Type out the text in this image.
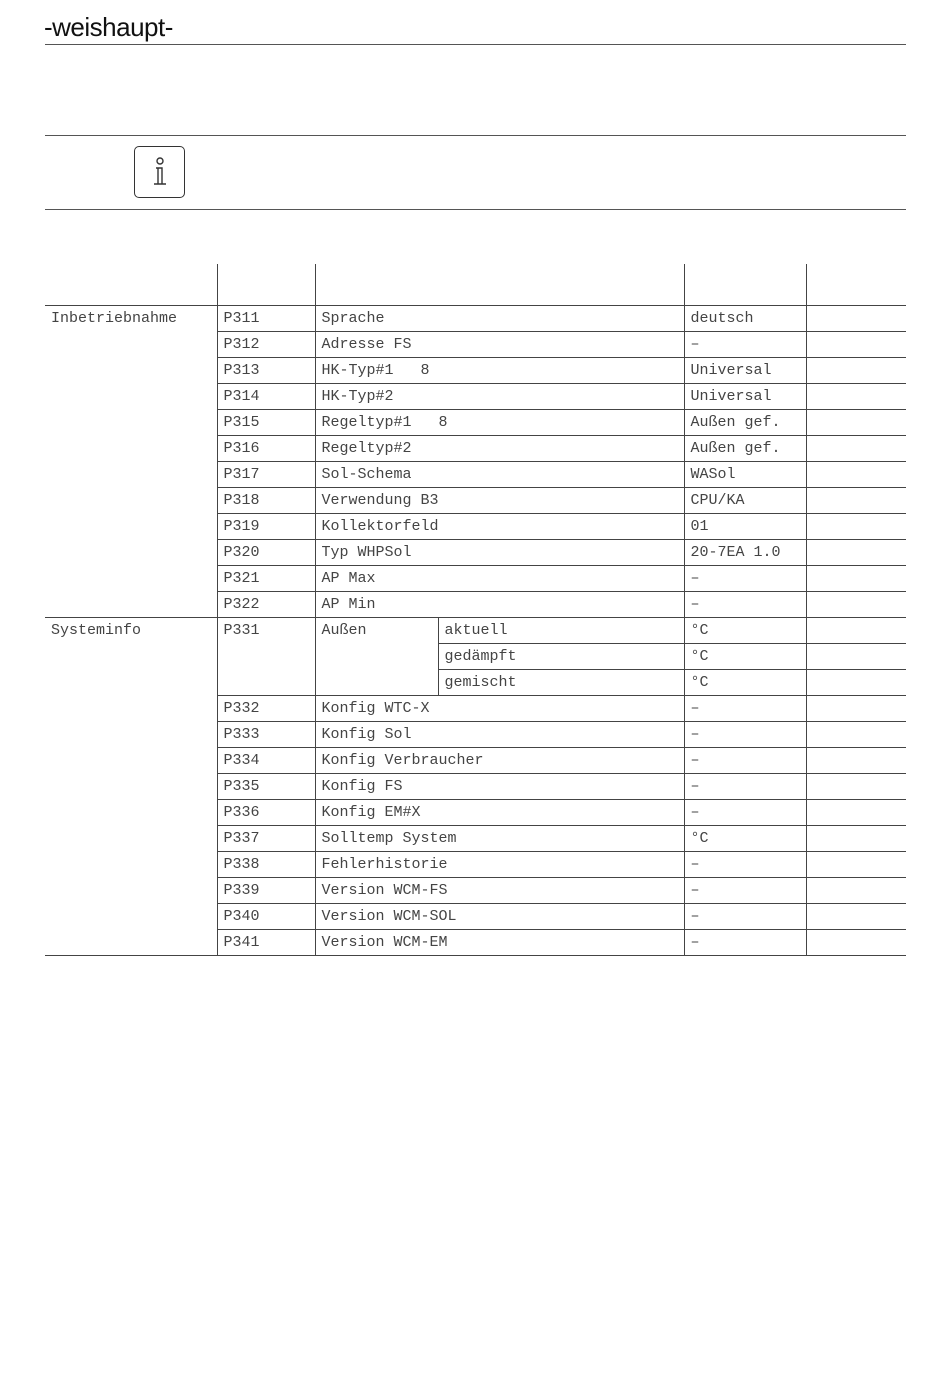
-weishaupt-

Inbetriebnahme	P311	Sprache		deutsch	
	P312	Adresse FS		–	
	P313	HK-Typ#1   8		Universal	
	P314	HK-Typ#2		Universal	
	P315	Regeltyp#1   8		Außen gef.	
	P316	Regeltyp#2		Außen gef.	
	P317	Sol-Schema		WASol	
	P318	Verwendung B3		CPU/KA	
	P319	Kollektorfeld		01	
	P320	Typ WHPSol		20-7EA 1.0	
	P321	AP Max		–	
	P322	AP Min		–	
Systeminfo	P331	Außen	aktuell	°C	
			gedämpft	°C	
			gemischt	°C	
	P332	Konfig WTC-X		–	
	P333	Konfig Sol		–	
	P334	Konfig Verbraucher		–	
	P335	Konfig FS		–	
	P336	Konfig EM#X		–	
	P337	Solltemp System		°C	
	P338	Fehlerhistorie		–	
	P339	Version WCM-FS		–	
	P340	Version WCM-SOL		–	
	P341	Version WCM-EM		–	
